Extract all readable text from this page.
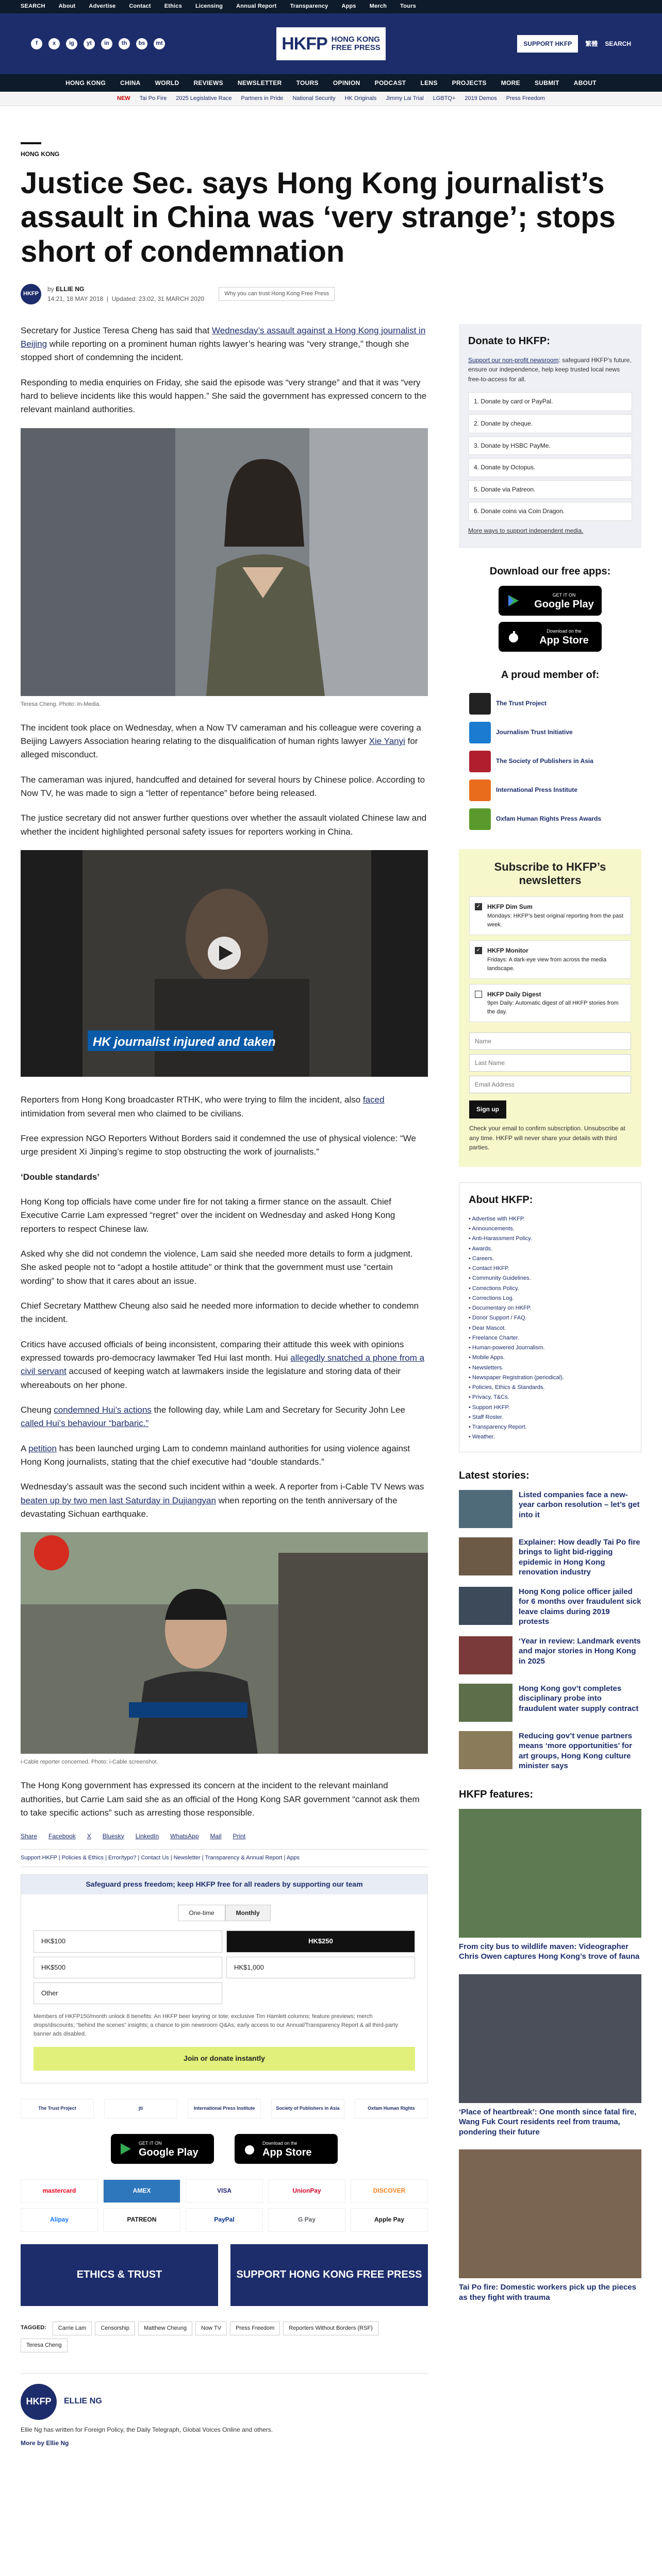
SEARCH About Advertise Contact Ethics Licensing Annual Report Transparency Apps Merch Tours
f	x	ig	yt	in	th	bs	mt	HKFP HONG KONG
FREE PRESS	SUPPORT HKFP	繁體 SEARCH
HONG KONG CHINA WORLD REVIEWS NEWSLETTER TOURS OPINION PODCAST LENS PROJECTS MORE SUBMIT ABOUT
NEW Tai Po Fire 2025 Legislative Race Partners in Pride National Security HK Originals Jimmy Lai Trial LGBTQ+ 2019 Demos Press Freedom
HONG KONG
Justice Sec. says Hong Kong journalist’s assault in China was ‘very strange’; stops short of condemnation
HKFP
by ELLIE NG
14:21, 18 MAY 2018  |  Updated: 23:02, 31 MARCH 2020
Why you can trust Hong Kong Free Press

Secretary for Justice Teresa Cheng has said that Wednesday’s assault against a Hong Kong journalist in Beijing while reporting on a prominent human rights lawyer’s hearing was “very strange,” though she stopped short of condemning the incident.

Responding to media enquiries on Friday, she said the episode was “very strange” and that it was “very hard to believe incidents like this would happen.” She said the government has expressed concern to the relevant mainland authorities.

Teresa Cheng. Photo: In-Media.

The incident took place on Wednesday, when a Now TV cameraman and his colleague were covering a Beijing Lawyers Association hearing relating to the disqualification of human rights lawyer Xie Yanyi for alleged misconduct.

The cameraman was injured, handcuffed and detained for several hours by Chinese police. According to Now TV, he was made to sign a “letter of repentance” before being released.

The justice secretary did not answer further questions over whether the assault violated Chinese law and whether the incident highlighted personal safety issues for reporters working in China.

HK journalist injured and taken

Reporters from Hong Kong broadcaster RTHK, who were trying to film the incident, also faced intimidation from several men who claimed to be civilians.

Free expression NGO Reporters Without Borders said it condemned the use of physical violence: “We urge president Xi Jinping’s regime to stop obstructing the work of journalists.”

‘Double standards’

Hong Kong top officials have come under fire for not taking a firmer stance on the assault. Chief Executive Carrie Lam expressed “regret” over the incident on Wednesday and asked Hong Kong reporters to respect Chinese law.

Asked why she did not condemn the violence, Lam said she needed more details to form a judgment. She asked people not to “adopt a hostile attitude” or think that the government must use “certain wording” to show that it cares about an issue.

Chief Secretary Matthew Cheung also said he needed more information to decide whether to condemn the incident.

Critics have accused officials of being inconsistent, comparing their attitude this week with opinions expressed towards pro-democracy lawmaker Ted Hui last month. Hui allegedly snatched a phone from a civil servant accused of keeping watch at lawmakers inside the legislature and storing data of their whereabouts on her phone.

Cheung condemned Hui’s actions the following day, while Lam and Secretary for Security John Lee called Hui’s behaviour “barbaric.”

A petition has been launched urging Lam to condemn mainland authorities for using violence against Hong Kong journalists, stating that the chief executive had “double standards.”

Wednesday’s assault was the second such incident within a week. A reporter from i-Cable TV News was beaten up by two men last Saturday in Dujiangyan when reporting on the tenth anniversary of the devastating Sichuan earthquake.

i-Cable reporter concerned. Photo: i-Cable screenshot.

The Hong Kong government has expressed its concern at the incident to the relevant mainland authorities, but Carrie Lam said she as an official of the Hong Kong SAR government “cannot ask them to take specific actions” such as arresting those responsible.

Share Facebook X Bluesky LinkedIn WhatsApp Mail Print
Support HKFP | Policies & Ethics | Error/typo? | Contact Us | Newsletter | Transparency & Annual Report | Apps
Safeguard press freedom; keep HKFP free for all readers by supporting our team
One-time	Monthly
HK$100	HK$250
HK$500	HK$1,000
Other
Members of HKFP150/month unlock 8 benefits: An HKFP beer keyring or tote; exclusive Tim Hamlett columns; feature previews; merch drops/discounts; “behind the scenes” insights; a chance to join newsroom Q&As; early access to our Annual/Transparency Report & all third-party banner ads disabled.
Join or donate instantly
The Trust Project	jti	International Press Institute	Society of Publishers in Asia	Oxfam Human Rights
GET IT ON
Google Play
Download on the
App Store
mastercard	AMEX	VISA	UnionPay	DISCOVER
Alipay	PATREON	PayPal	G Pay	Apple Pay
ETHICS & TRUST	SUPPORT HONG KONG FREE PRESS
TAGGED:	Carrie Lam	Censorship	Matthew Cheung	Now TV	Press Freedom	Reporters Without Borders (RSF)
Teresa Cheng
HKFP	ELLIE NG
Ellie Ng has written for Foreign Policy, the Daily Telegraph, Global Voices Online and others.
More by Ellie Ng
Donate to HKFP:
Support our non-profit newsroom: safeguard HKFP’s future, ensure our independence, help keep trusted local news free-to-access for all.
1. Donate by card or PayPal.
2. Donate by cheque.
3. Donate by HSBC PayMe.
4. Donate by Octopus.
5. Donate via Patreon.
6. Donate coins via Coin Dragon.
More ways to support independent media.
Download our free apps:
GET IT ON
Google Play
Download on the
App Store
A proud member of:
The Trust Project
Journalism Trust Initiative
The Society of Publishers in Asia
International Press Institute
Oxfam Human Rights Press Awards
Subscribe to HKFP’s newsletters
✓ HKFP Dim Sum
Mondays: HKFP’s best original reporting from the past week.
✓ HKFP Monitor
Fridays: A dark-eye view from across the media landscape.
HKFP Daily Digest
9pm Daily: Automatic digest of all HKFP stories from the day.
Name Last Name Email Address Sign up
Check your email to confirm subscription. Unsubscribe at any time. HKFP will never share your details with third parties.
About HKFP:
• Advertise with HKFP.
• Announcements.
• Anti-Harassment Policy.
• Awards.
• Careers.
• Contact HKFP.
• Community Guidelines.
• Corrections Policy.
• Corrections Log.
• Documentary on HKFP.
• Donor Support / FAQ.
• Dear Mascot.
• Freelance Charter.
• Human-powered Journalism.
• Mobile Apps.
• Newsletters.
• Newspaper Registration (periodical).
• Policies, Ethics & Standards.
• Privacy, T&Cs.
• Support HKFP.
• Staff Roster.
• Transparency Report.
• Weather.
Latest stories:
Listed companies face a new-year carbon resolution – let’s get into it
Explainer: How deadly Tai Po fire brings to light bid-rigging epidemic in Hong Kong renovation industry
Hong Kong police officer jailed for 6 months over fraudulent sick leave claims during 2019 protests
‘Year in review: Landmark events and major stories in Hong Kong in 2025
Hong Kong gov’t completes disciplinary probe into fraudulent water supply contract
Reducing gov’t venue partners means ‘more opportunities’ for art groups, Hong Kong culture minister says
HKFP features:
From city bus to wildlife maven: Videographer Chris Owen captures Hong Kong’s trove of fauna
‘Place of heartbreak’: One month since fatal fire, Wang Fuk Court residents reel from trauma, pondering their future
Tai Po fire: Domestic workers pick up the pieces as they fight with trauma
